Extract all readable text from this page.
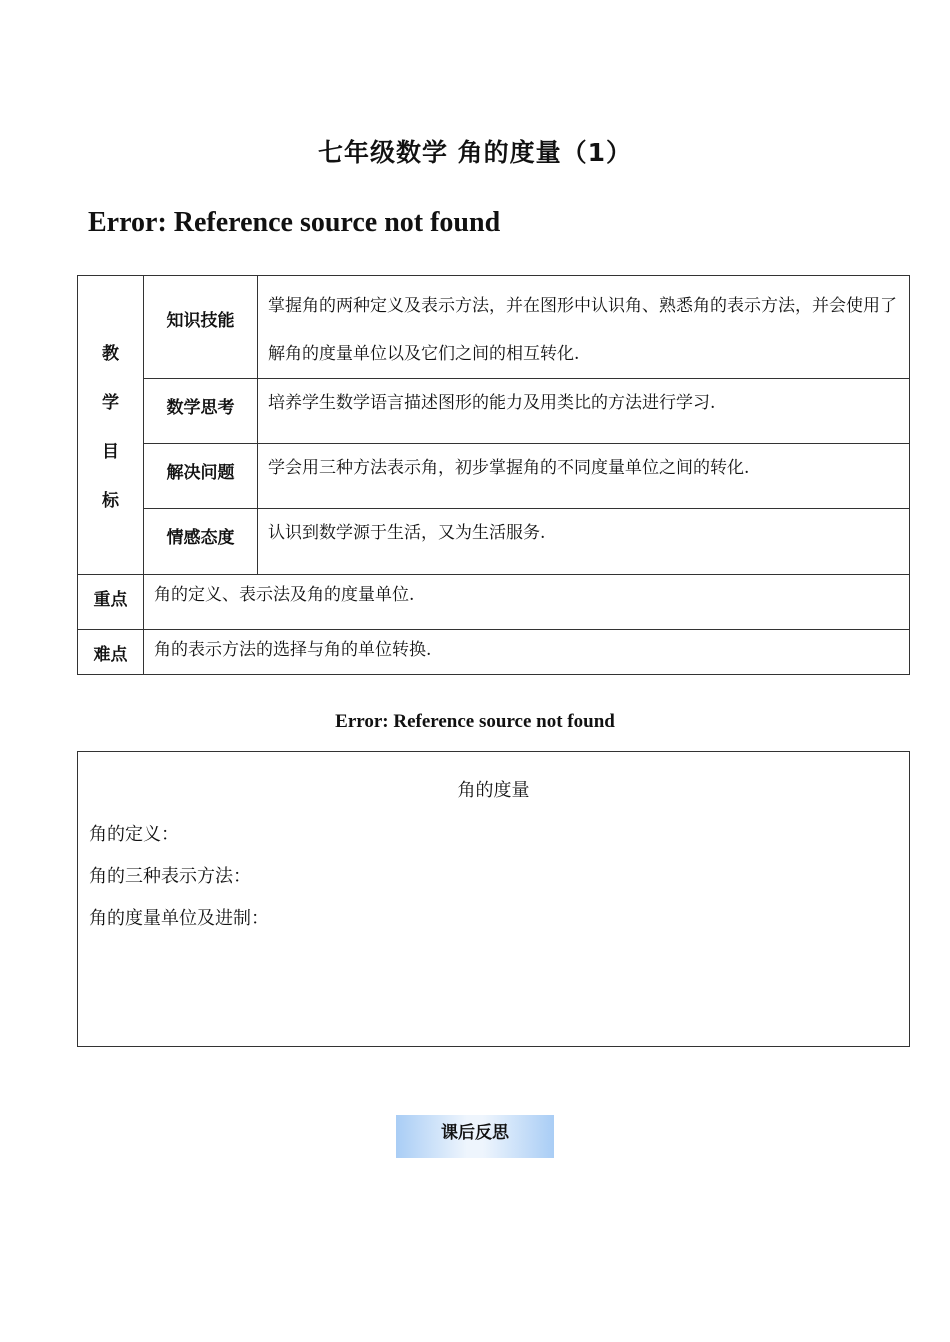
七年级数学 角的度量（1）
Error: Reference source not found
教
学
目
标	知识技能	掌握角的两种定义及表示方法，并在图形中认识角、熟悉角的表示方法，并会使用了解角的度量单位以及它们之间的相互转化.
	数学思考	培养学生数学语言描述图形的能力及用类比的方法进行学习.
	解决问题	学会用三种方法表示角，初步掌握角的不同度量单位之间的转化.
	情感态度	认识到数学源于生活，又为生活服务.
重点	角的定义、表示法及角的度量单位.	
难点	角的表示方法的选择与角的单位转换.	
Error: Reference source not found
角的度量
角的定义：
角的三种表示方法：
角的度量单位及进制：
课后反思
